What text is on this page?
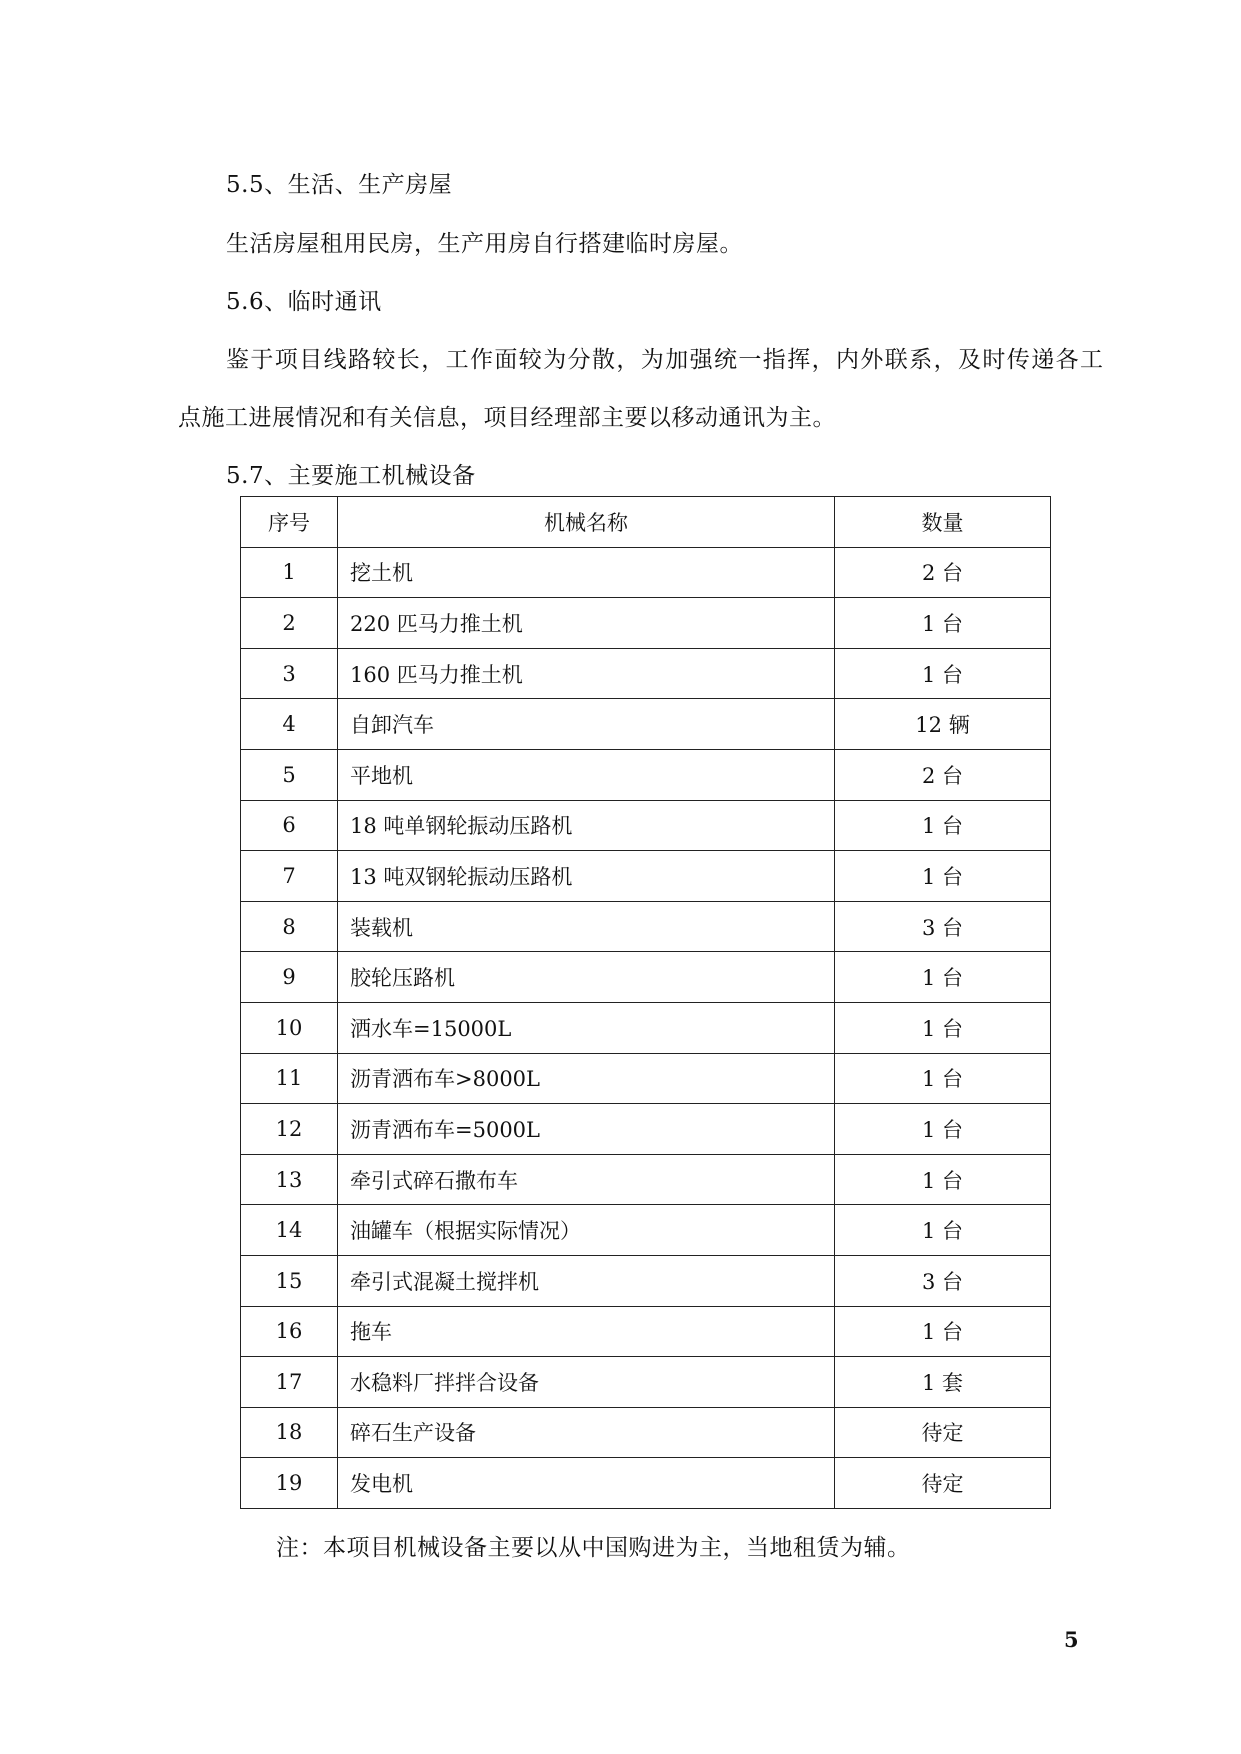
5.5、生活、生产房屋
生活房屋租用民房，生产用房自行搭建临时房屋。
5.6、临时通讯
鉴于项目线路较长，工作面较为分散，为加强统一指挥，内外联系，及时传递各工
点施工进展情况和有关信息，项目经理部主要以移动通讯为主。
5.7、主要施工机械设备
序号	机械名称	数量
1	挖土机	2 台
2	220 匹马力推土机	1 台
3	160 匹马力推土机	1 台
4	自卸汽车	12 辆
5	平地机	2 台
6	18 吨单钢轮振动压路机	1 台
7	13 吨双钢轮振动压路机	1 台
8	装载机	3 台
9	胶轮压路机	1 台
10	洒水车=15000L	1 台
11	沥青洒布车>8000L	1 台
12	沥青洒布车=5000L	1 台
13	牵引式碎石撒布车	1 台
14	油罐车（根据实际情况）	1 台
15	牵引式混凝土搅拌机	3 台
16	拖车	1 台
17	水稳料厂拌拌合设备	1 套
18	碎石生产设备	待定
19	发电机	待定
注：本项目机械设备主要以从中国购进为主，当地租赁为辅。
5
